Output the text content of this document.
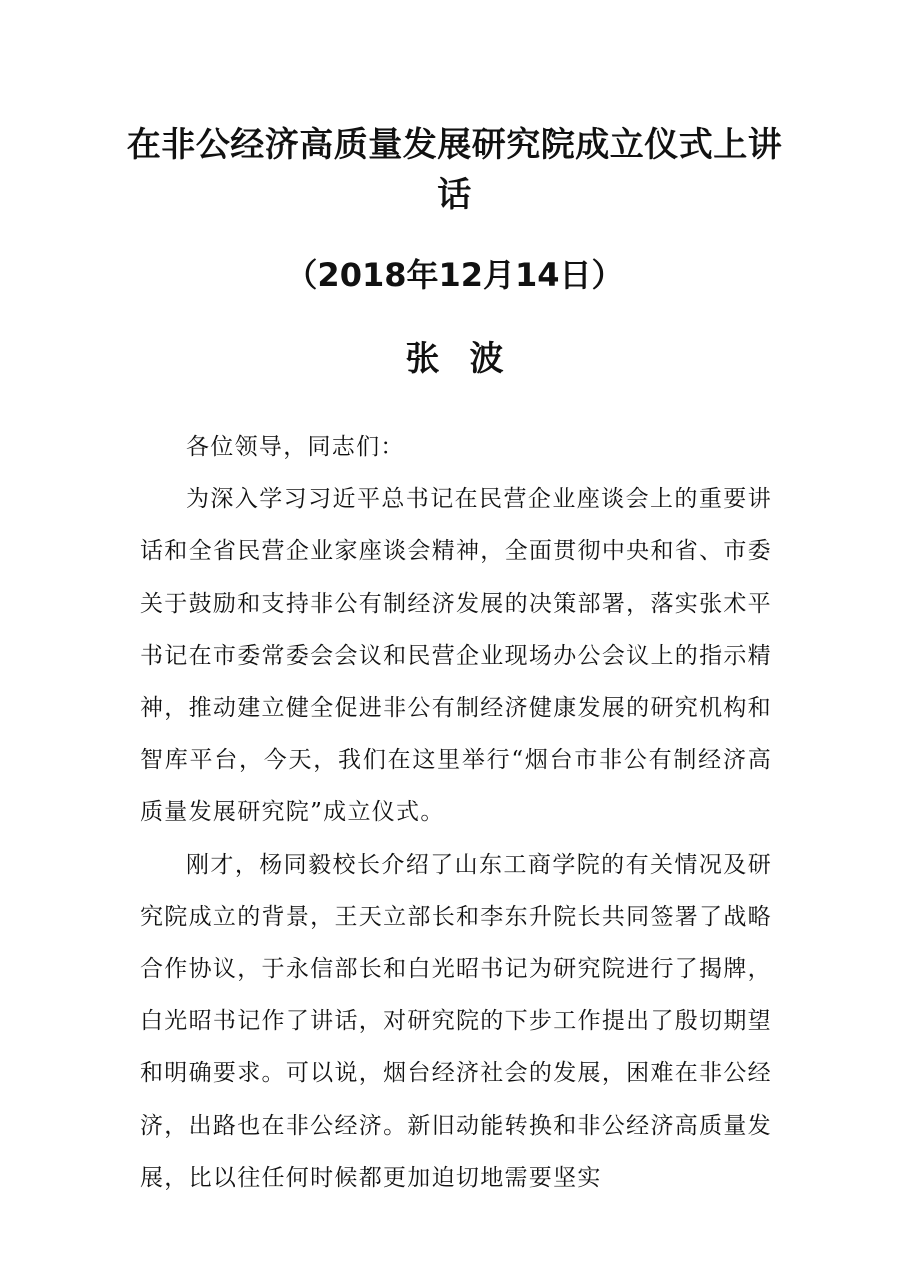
在非公经济高质量发展研究院成立仪式上讲话
（2018年12月14日）
张波

各位领导，同志们：

为深入学习习近平总书记在民营企业座谈会上的重要讲话和全省民营企业家座谈会精神，全面贯彻中央和省、市委关于鼓励和支持非公有制经济发展的决策部署，落实张术平书记在市委常委会会议和民营企业现场办公会议上的指示精神，推动建立健全促进非公有制经济健康发展的研究机构和智库平台，今天，我们在这里举行“烟台市非公有制经济高质量发展研究院”成立仪式。

刚才，杨同毅校长介绍了山东工商学院的有关情况及研究院成立的背景，王天立部长和李东升院长共同签署了战略合作协议，于永信部长和白光昭书记为研究院进行了揭牌，白光昭书记作了讲话，对研究院的下步工作提出了殷切期望和明确要求。可以说，烟台经济社会的发展，困难在非公经济，出路也在非公经济。新旧动能转换和非公经济高质量发展，比以往任何时候都更加迫切地需要坚实
